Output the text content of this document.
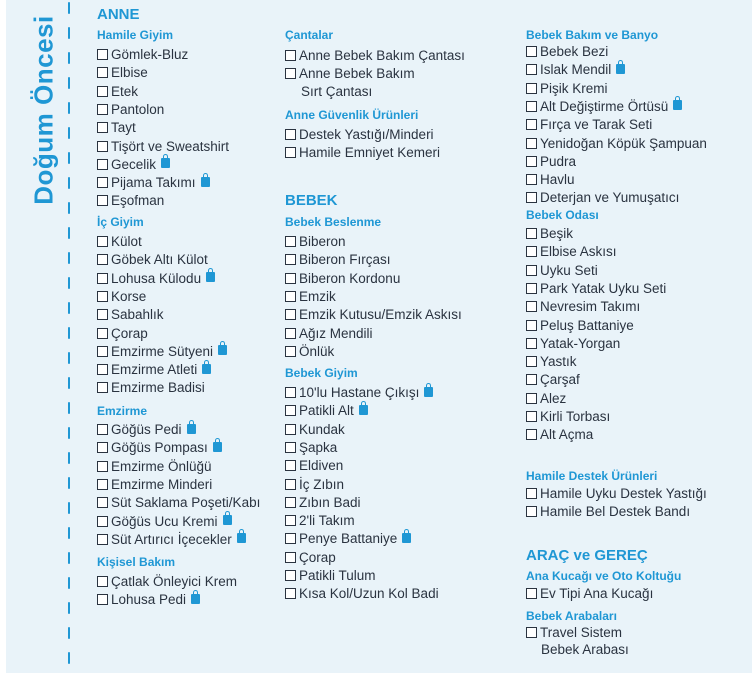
Doğum Öncesi
ANNE
Hamile Giyim
İç Giyim
Emzirme
Kişisel Bakım
Çantalar
Sırt Çantası
Anne Güvenlik Ürünleri
BEBEK
Bebek Beslenme
Bebek Giyim
Bebek Bakım ve Banyo
Bebek Odası
Hamile Destek Ürünleri
ARAÇ ve GEREÇ
Ana Kucağı ve Oto Koltuğu
Bebek Arabaları
Bebek Arabası
Gömlek-Bluz
Elbise
Etek
Pantolon
Tayt
Tişört ve Sweatshirt
Gecelik
Pijama Takımı
Eşofman
Külot
Göbek Altı Külot
Lohusa Külodu
Korse
Sabahlık
Çorap
Emzirme Sütyeni
Emzirme Atleti
Emzirme Badisi
Göğüs Pedi
Göğüs Pompası
Emzirme Önlüğü
Emzirme Minderi
Süt Saklama Poşeti/Kabı
Göğüs Ucu Kremi
Süt Artırıcı İçecekler
Çatlak Önleyici Krem
Lohusa Pedi
Anne Bebek Bakım Çantası
Anne Bebek Bakım
Destek Yastığı/Minderi
Hamile Emniyet Kemeri
Biberon
Biberon Fırçası
Biberon Kordonu
Emzik
Emzik Kutusu/Emzik Askısı
Ağız Mendili
Önlük
10'lu Hastane Çıkışı
Patikli Alt
Kundak
Şapka
Eldiven
İç Zıbın
Zıbın Badi
2'li Takım
Penye Battaniye
Çorap
Patikli Tulum
Kısa Kol/Uzun Kol Badi
Bebek Bezi
Islak Mendil
Pişik Kremi
Alt Değiştirme Örtüsü
Fırça ve Tarak Seti
Yenidoğan Köpük Şampuan
Pudra
Havlu
Deterjan ve Yumuşatıcı
Beşik
Elbise Askısı
Uyku Seti
Park Yatak Uyku Seti
Nevresim Takımı
Peluş Battaniye
Yatak-Yorgan
Yastık
Çarşaf
Alez
Kirli Torbası
Alt Açma
Hamile Uyku Destek Yastığı
Hamile Bel Destek Bandı
Ev Tipi Ana Kucağı
Travel Sistem
